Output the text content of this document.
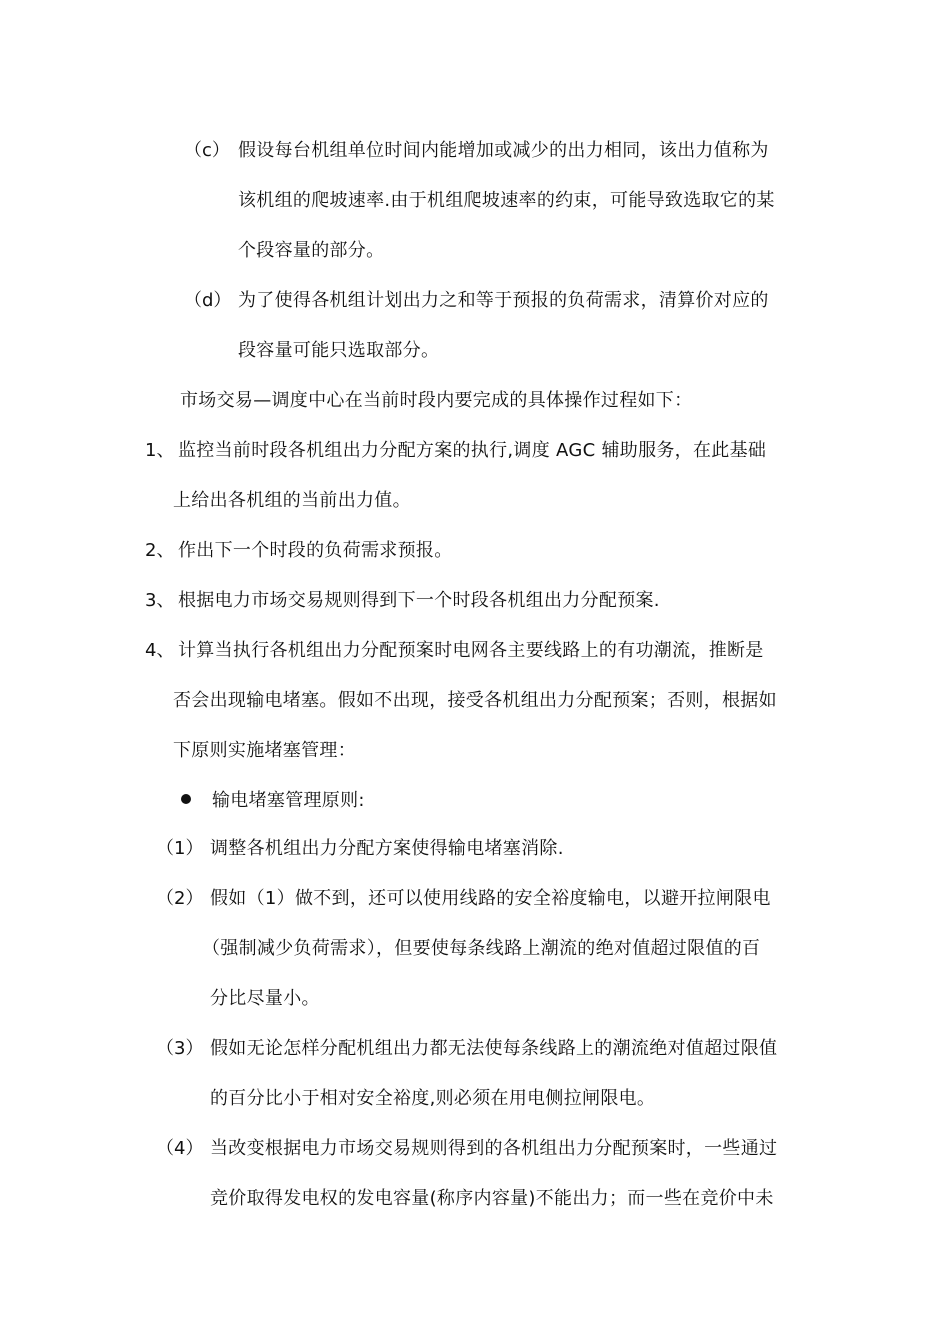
（c） 假设每台机组单位时间内能增加或减少的出力相同，该出力值称为
该机组的爬坡速率.由于机组爬坡速率的约束，可能导致选取它的某
个段容量的部分。
（d） 为了使得各机组计划出力之和等于预报的负荷需求，清算价对应的
段容量可能只选取部分。
市场交易—调度中心在当前时段内要完成的具体操作过程如下：
1、 监控当前时段各机组出力分配方案的执行,调度 AGC 辅助服务，在此基础
上给出各机组的当前出力值。
2、 作出下一个时段的负荷需求预报。
3、 根据电力市场交易规则得到下一个时段各机组出力分配预案.
4、 计算当执行各机组出力分配预案时电网各主要线路上的有功潮流，推断是
否会出现输电堵塞。假如不出现，接受各机组出力分配预案；否则，根据如
下原则实施堵塞管理：
输电堵塞管理原则:
（1） 调整各机组出力分配方案使得输电堵塞消除.
（2） 假如（1）做不到，还可以使用线路的安全裕度输电，以避开拉闸限电
（强制减少负荷需求），但要使每条线路上潮流的绝对值超过限值的百
分比尽量小。
（3） 假如无论怎样分配机组出力都无法使每条线路上的潮流绝对值超过限值
的百分比小于相对安全裕度,则必须在用电侧拉闸限电。
（4） 当改变根据电力市场交易规则得到的各机组出力分配预案时，一些通过
竞价取得发电权的发电容量(称序内容量)不能出力；而一些在竞价中未
